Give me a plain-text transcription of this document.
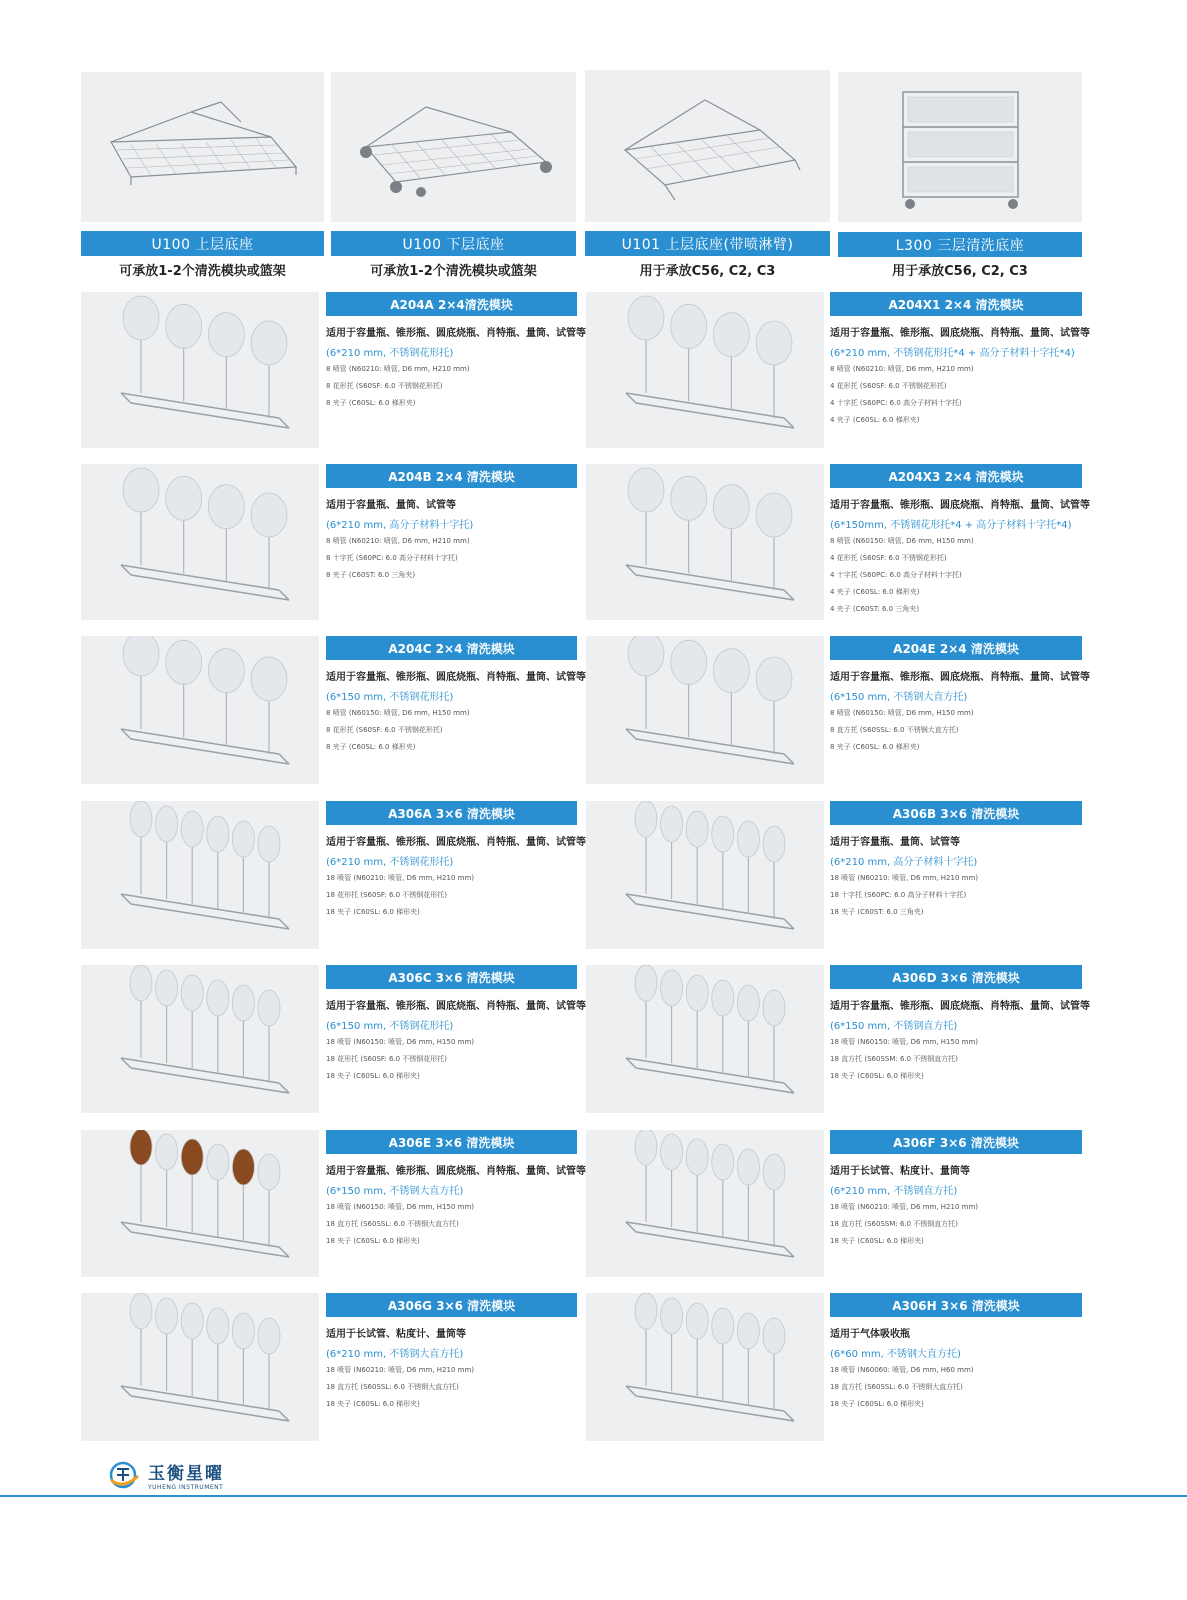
U100 上层底座	U100 下层底座	U101 上层底座(带喷淋臂)	L300 三层清洗底座
可承放1-2个清洗模块或篮架	可承放1-2个清洗模块或篮架	用于承放C56, C2, C3	用于承放C56, C2, C3
A204A 2×4清洗模块
适用于容量瓶、锥形瓶、圆底烧瓶、肖特瓶、量筒、试管等
(6*210 mm, 不锈钢花形托)
8 喷管 (N60210: 喷管, D6 mm, H210 mm)
8 花形托 (S60SF: 6.0 不锈钢花形托)
8 夹子 (C60SL: 6.0 梯形夹)
A204X1 2×4 清洗模块
适用于容量瓶、锥形瓶、圆底烧瓶、肖特瓶、量筒、试管等
(6*210 mm, 不锈钢花形托*4 + 高分子材料十字托*4)
8 喷管 (N60210: 喷管, D6 mm, H210 mm)
4 花形托 (S60SF: 6.0 不锈钢花形托)
4 十字托 (S60PC: 6.0 高分子材料十字托)
4 夹子 (C60SL: 6.0 梯形夹)
A204B 2×4 清洗模块
适用于容量瓶、量筒、试管等
(6*210 mm, 高分子材料十字托)
8 喷管 (N60210: 喷管, D6 mm, H210 mm)
8 十字托 (S60PC: 6.0 高分子材料十字托)
8 夹子 (C60ST: 6.0 三角夹)
A204X3 2×4 清洗模块
适用于容量瓶、锥形瓶、圆底烧瓶、肖特瓶、量筒、试管等
(6*150mm, 不锈钢花形托*4 + 高分子材料十字托*4)
8 喷管 (N60150: 喷管, D6 mm, H150 mm)
4 花形托 (S60SF: 6.0 不锈钢花形托)
4 十字托 (S60PC: 6.0 高分子材料十字托)
4 夹子 (C60SL: 6.0 梯形夹)
4 夹子 (C60ST: 6.0 三角夹)
A204C 2×4 清洗模块
适用于容量瓶、锥形瓶、圆底烧瓶、肖特瓶、量筒、试管等
(6*150 mm, 不锈钢花形托)
8 喷管 (N60150: 喷管, D6 mm, H150 mm)
8 花形托 (S60SF: 6.0 不锈钢花形托)
8 夹子 (C60SL: 6.0 梯形夹)
A204E 2×4 清洗模块
适用于容量瓶、锥形瓶、圆底烧瓶、肖特瓶、量筒、试管等
(6*150 mm, 不锈钢大直方托)
8 喷管 (N60150: 喷管, D6 mm, H150 mm)
8 直方托 (S60SSL: 6.0 不锈钢大直方托)
8 夹子 (C60SL: 6.0 梯形夹)
A306A 3×6 清洗模块
适用于容量瓶、锥形瓶、圆底烧瓶、肖特瓶、量筒、试管等
(6*210 mm, 不锈钢花形托)
18 喷管 (N60210: 喷管, D6 mm, H210 mm)
18 花形托 (S60SF: 6.0 不锈钢花形托)
18 夹子 (C60SL: 6.0 梯形夹)
A306B 3×6 清洗模块
适用于容量瓶、量筒、试管等
(6*210 mm, 高分子材料十字托)
18 喷管 (N60210: 喷管, D6 mm, H210 mm)
18 十字托 (S60PC: 6.0 高分子材料十字托)
18 夹子 (C60ST: 6.0 三角夹)
A306C 3×6 清洗模块
适用于容量瓶、锥形瓶、圆底烧瓶、肖特瓶、量筒、试管等
(6*150 mm, 不锈钢花形托)
18 喷管 (N60150: 喷管, D6 mm, H150 mm)
18 花形托 (S60SF: 6.0 不锈钢花形托)
18 夹子 (C60SL: 6.0 梯形夹)
A306D 3×6 清洗模块
适用于容量瓶、锥形瓶、圆底烧瓶、肖特瓶、量筒、试管等
(6*150 mm, 不锈钢直方托)
18 喷管 (N60150: 喷管, D6 mm, H150 mm)
18 直方托 (S60SSM: 6.0 不锈钢直方托)
18 夹子 (C60SL: 6.0 梯形夹)
A306E 3×6 清洗模块
适用于容量瓶、锥形瓶、圆底烧瓶、肖特瓶、量筒、试管等
(6*150 mm, 不锈钢大直方托)
18 喷管 (N60150: 喷管, D6 mm, H150 mm)
18 直方托 (S60SSL: 6.0 不锈钢大直方托)
18 夹子 (C60SL: 6.0 梯形夹)
A306F 3×6 清洗模块
适用于长试管、粘度计、量筒等
(6*210 mm, 不锈钢直方托)
18 喷管 (N60210: 喷管, D6 mm, H210 mm)
18 直方托 (S60SSM: 6.0 不锈钢直方托)
18 夹子 (C60SL: 6.0 梯形夹)
A306G 3×6 清洗模块
适用于长试管、粘度计、量筒等
(6*210 mm, 不锈钢大直方托)
18 喷管 (N60210: 喷管, D6 mm, H210 mm)
18 直方托 (S60SSL: 6.0 不锈钢大直方托)
18 夹子 (C60SL: 6.0 梯形夹)
A306H 3×6 清洗模块
适用于气体吸收瓶
(6*60 mm, 不锈钢大直方托)
18 喷管 (N60060: 喷管, D6 mm, H60 mm)
18 直方托 (S60SSL: 6.0 不锈钢大直方托)
18 夹子 (C60SL: 6.0 梯形夹)
玉衡星曜
YUHENG INSTRUMENT
